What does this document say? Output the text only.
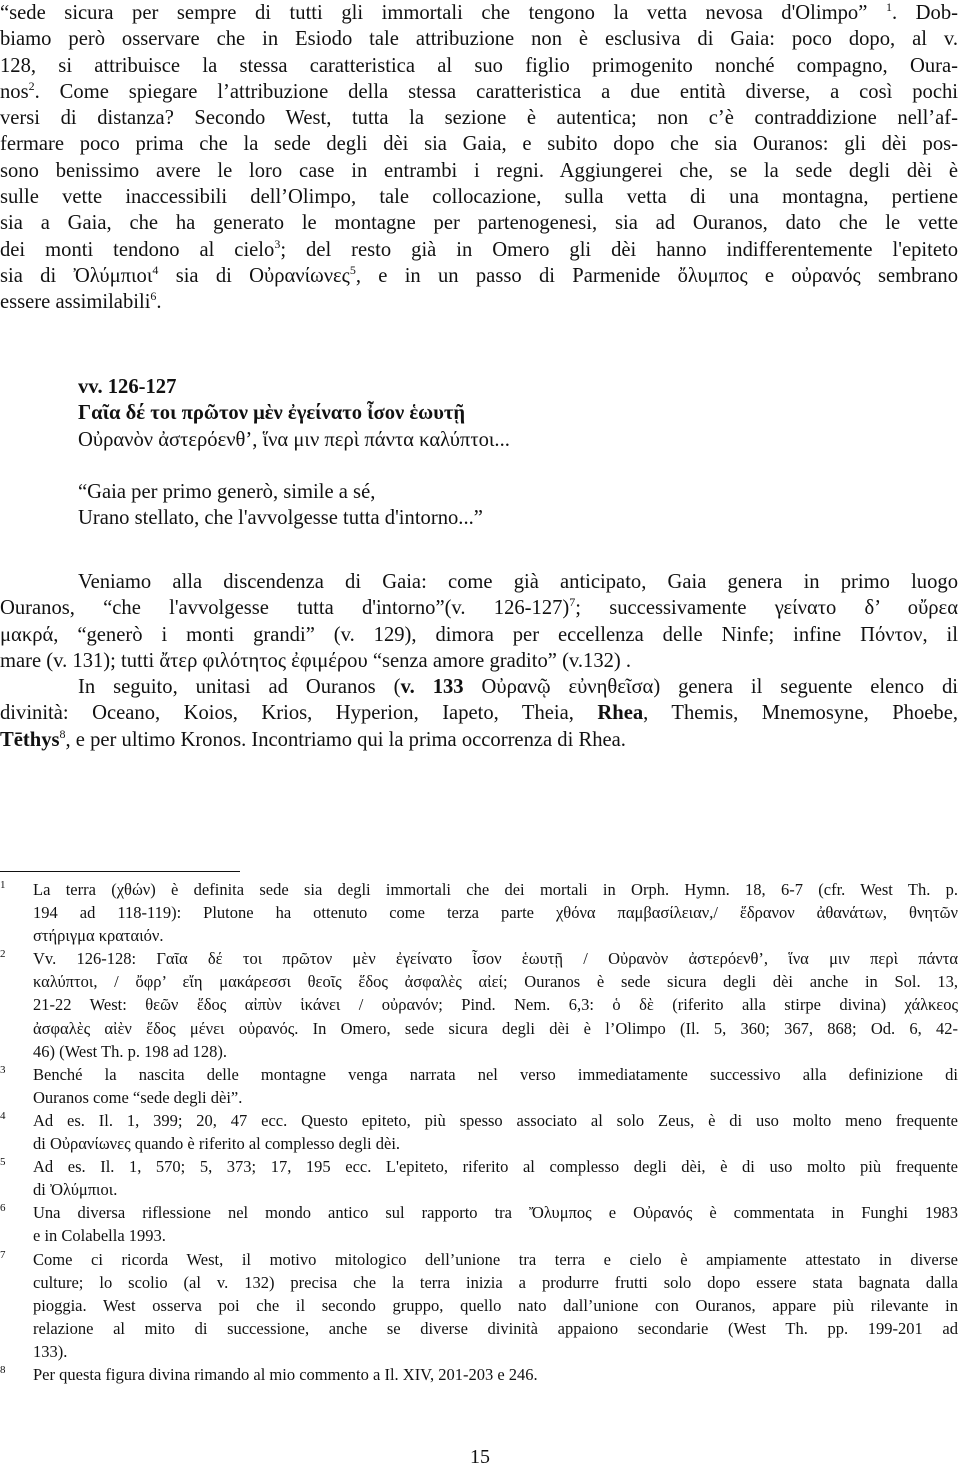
“sede sicura per sempre di tutti gli immortali che tengono la vetta nevosa d'Olimpo” $^1$. Dob-
biamo però osservare che in Esiodo tale attribuzione non è esclusiva di Gaia: poco dopo, al v.
128, si attribuisce la stessa caratteristica al suo figlio primogenito nonché compagno, Oura-
nos$^2$. Come spiegare l’attribuzione della stessa caratteristica a due entità diverse, a così pochi
versi di distanza? Secondo West, tutta la sezione è autentica; non c’è contraddizione nell’af-
fermare poco prima che la sede degli dèi sia Gaia, e subito dopo che sia Ouranos: gli dèi pos-
sono benissimo avere le loro case in entrambi i regni. Aggiungerei che, se la sede degli dèi è
sulle vette inaccessibili dell’Olimpo, tale collocazione, sulla vetta di una montagna, pertiene
sia a Gaia, che ha generato le montagne per partenogenesi, sia ad Ouranos, dato che le vette
dei monti tendono al cielo$^3$; del resto già in Omero gli dèi hanno indifferentemente l'epiteto
sia di Ὀλύμπιοι$^4$ sia di Οὐρανίωνες$^5$, e in un passo di Parmenide ὄλυμπος e οὐρανός sembrano
essere assimilabili$^6$.
vv. 126-127
Γαῖα δέ τοι πρῶτον μὲν ἐγείνατο ἶσον ἑωυτῇ
Οὐρανὸν ἀστερόενθ’, ἵνα μιν περὶ πάντα καλύπτοι...
“Gaia per primo generò, simile a sé,
Urano stellato, che l'avvolgesse tutta d'intorno...”
Veniamo alla discendenza di Gaia: come già anticipato, Gaia genera in primo luogo
Ouranos, “che l'avvolgesse tutta d'intorno”(v. 126-127)$^7$; successivamente γείνατο δ’ οὔρεα
μακρά, “generò i monti grandi” (v. 129), dimora per eccellenza delle Ninfe; infine Πόντον, il
mare (v. 131); tutti ἄτερ φιλότητος ἐφιμέρου “senza amore gradito” (v.132) .
In seguito, unitasi ad Ouranos (v. 133 Οὐρανῷ εὐνηθεῖσα) genera il seguente elenco di
divinità: Oceano, Koios, Krios, Hyperion, Iapeto, Theia, Rhea, Themis, Mnemosyne, Phoebe,
Tēthys$^8$, e per ultimo Kronos. Incontriamo qui la prima occorrenza di Rhea.
1 La terra (χθών) è definita sede sia degli immortali che dei mortali in Orph. Hymn. 18, 6-7 (cfr. West Th. p.
194 ad 118-119): Plutone ha ottenuto come terza parte χθόνα παμβασίλειαν,/ ἕδρανον ἀθανάτων, θνητῶν
στήριγμα κραταιόν.
2 Vv. 126-128: Γαῖα δέ τοι πρῶτον μὲν ἐγείνατο ἶσον ἑωυτῇ / Οὐρανὸν ἀστερόενθ’, ἵνα μιν περὶ πάντα
καλύπτοι, / ὄφρ’ εἴη μακάρεσσι θεοῖς ἕδος ἀσφαλὲς αἰεί; Ouranos è sede sicura degli dèi anche in Sol. 13,
21-22 West: θεῶν ἕδος αἰπὺν ἱκάνει / οὐρανόν; Pind. Nem. 6,3: ὁ δὲ (riferito alla stirpe divina) χάλκεος
ἀσφαλὲς αἰὲν ἕδος μένει οὐρανός. In Omero, sede sicura degli dèi è l’Olimpo (Il. 5, 360; 367, 868; Od. 6, 42-
46) (West Th. p. 198 ad 128).
3 Benché la nascita delle montagne venga narrata nel verso immediatamente successivo alla definizione di
Ouranos come “sede degli dèi”.
4 Ad es. Il. 1, 399; 20, 47 ecc. Questo epiteto, più spesso associato al solo Zeus, è di uso molto meno frequente
di Οὐρανίωνες quando è riferito al complesso degli dèi.
5 Ad es. Il. 1, 570; 5, 373; 17, 195 ecc. L'epiteto, riferito al complesso degli dèi, è di uso molto più frequente
di Ὀλύμπιοι.
6 Una diversa riflessione nel mondo antico sul rapporto tra Ὄλυμπος e Οὐρανός è commentata in Funghi 1983
e in Colabella 1993.
7 Come ci ricorda West, il motivo mitologico dell’unione tra terra e cielo è ampiamente attestato in diverse
culture; lo scolio (al v. 132) precisa che la terra inizia a produrre frutti solo dopo essere stata bagnata dalla
pioggia. West osserva poi che il secondo gruppo, quello nato dall’unione con Ouranos, appare più rilevante in
relazione al mito di successione, anche se diverse divinità appaiono secondarie (West Th. pp. 199-201 ad
133).
8 Per questa figura divina rimando al mio commento a Il. XIV, 201-203 e 246.
15
